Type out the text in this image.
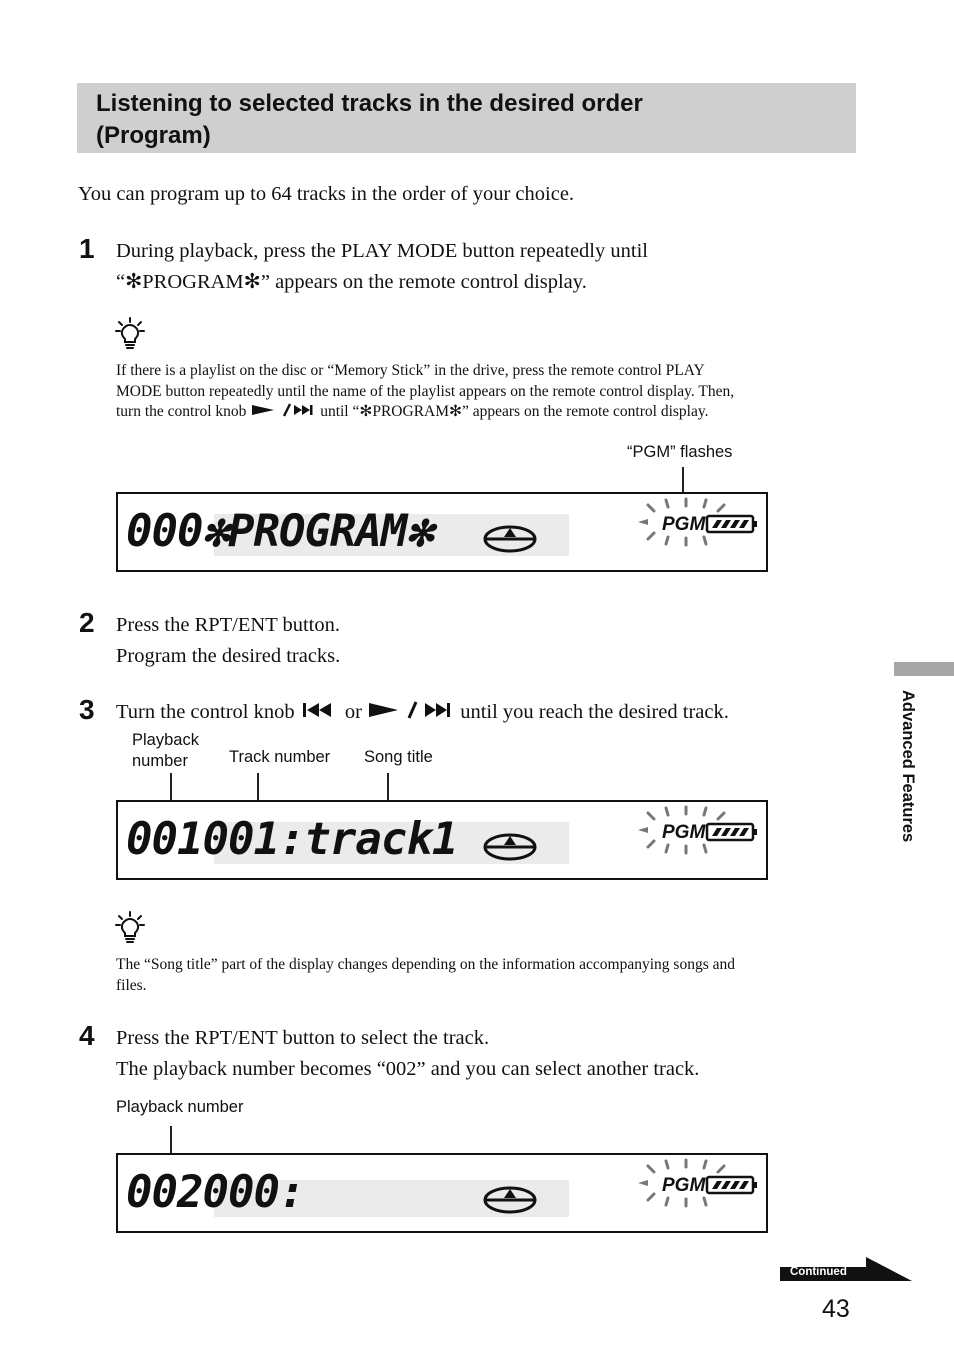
Listening to selected tracks in the desired order
(Program)
You can program up to 64 tracks in the order of your choice.
1 During playback, press the PLAY MODE button repeatedly until
“✻PROGRAM✻” appears on the remote control display.
If there is a playlist on the disc or “Memory Stick” in the drive, press the remote control PLAY
MODE button repeatedly until the name of the playlist appears on the remote control display. Then,
turn the control knob	until “✻PROGRAM✻” appears on the remote control display.
“PGM” flashes
000✻PROGRAM✻	PGM
2 Press the RPT/ENT button.
Program the desired tracks.
3 Turn the control knob or	until you reach the desired track.
Playback
number	Track number Song title
001001:track1	PGM
The “Song title” part of the display changes depending on the information accompanying songs and
files.
4 Press the RPT/ENT button to select the track.
The playback number becomes “002” and you can select another track.
Playback number
002000:	PGM
Advanced Features
Continued
43
